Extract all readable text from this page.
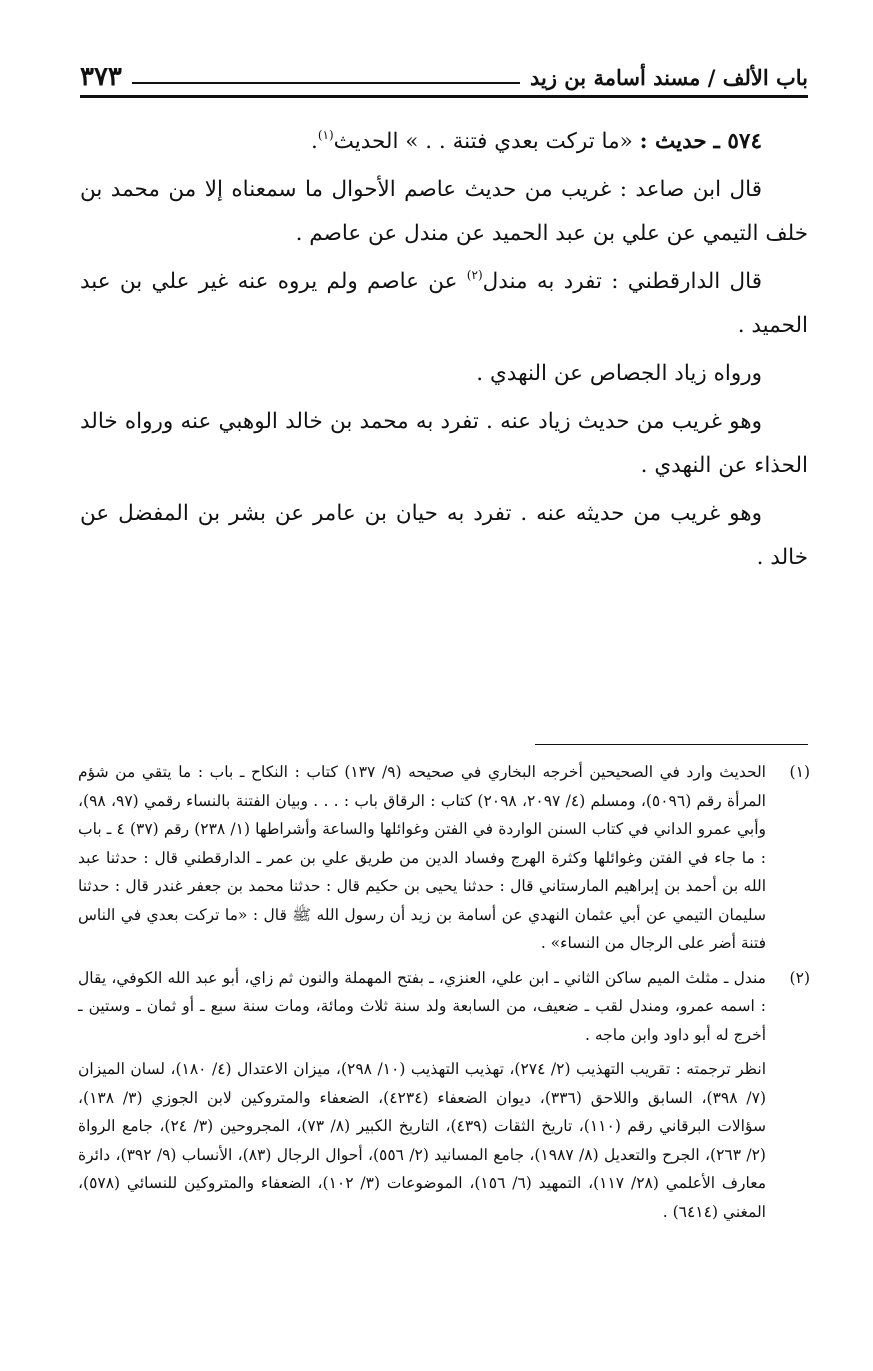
باب الألف / مسند أسامة بن زيد
٣٧٣

٥٧٤ ـ حديث : «ما تركت بعدي فتنة . . » الحديث$^{(١)}$.

قال ابن صاعد : غريب من حديث عاصم الأحوال ما سمعناه إلا من محمد بن خلف التيمي عن علي بن عبد الحميد عن مندل عن عاصم .

قال الدارقطني : تفرد به مندل$^{(٢)}$ عن عاصم ولم يروه عنه غير علي بن عبد الحميد .

ورواه زياد الجصاص عن النهدي .

وهو غريب من حديث زياد عنه . تفرد به محمد بن خالد الوهبي عنه ورواه خالد الحذاء عن النهدي .

وهو غريب من حديثه عنه . تفرد به حيان بن عامر عن بشر بن المفضل عن خالد .

(١)
الحديث وارد في الصحيحين أخرجه البخاري في صحيحه (٩/ ١٣٧) كتاب : النكاح ـ باب : ما يتقي من شؤم المرأة رقم (٥٠٩٦)، ومسلم (٤/ ٢٠٩٧، ٢٠٩٨) كتاب : الرقاق باب : . . . وبيان الفتنة بالنساء رقمي (٩٧، ٩٨)، وأبي عمرو الداني في كتاب السنن الواردة في الفتن وغوائلها والساعة وأشراطها (١/ ٢٣٨) رقم (٣٧) ٤ ـ باب : ما جاء في الفتن وغوائلها وكثرة الهرج وفساد الدين من طريق علي بن عمر ـ الدارقطني قال : حدثنا عبد الله بن أحمد بن إبراهيم المارستاني قال : حدثنا يحيى بن حكيم قال : حدثنا محمد بن جعفر غندر قال : حدثنا سليمان التيمي عن أبي عثمان النهدي عن أسامة بن زيد أن رسول الله ﷺ قال : «ما تركت بعدي في الناس فتنة أضر على الرجال من النساء» .
(٢)
مندل ـ مثلث الميم ساكن الثاني ـ ابن علي، العنزي، ـ بفتح المهملة والنون ثم زاي، أبو عبد الله الكوفي، يقال : اسمه عمرو، ومندل لقب ـ ضعيف، من السابعة ولد سنة ثلاث ومائة، ومات سنة سبع ـ أو ثمان ـ وستين ـ أخرج له أبو داود وابن ماجه .
انظر ترجمته : تقريب التهذيب (٢/ ٢٧٤)، تهذيب التهذيب (١٠/ ٢٩٨)، ميزان الاعتدال (٤/ ١٨٠)، لسان الميزان (٧/ ٣٩٨)، السابق واللاحق (٣٣٦)، ديوان الضعفاء (٤٢٣٤)، الضعفاء والمتروكين لابن الجوزي (٣/ ١٣٨)، سؤالات البرقاني رقم (١١٠)، تاريخ الثقات (٤٣٩)، التاريخ الكبير (٨/ ٧٣)، المجروحين (٣/ ٢٤)، جامع الرواة (٢/ ٢٦٣)، الجرح والتعديل (٨/ ١٩٨٧)، جامع المسانيد (٢/ ٥٥٦)، أحوال الرجال (٨٣)، الأنساب (٩/ ٣٩٢)، دائرة معارف الأعلمي (٢٨/ ١١٧)، التمهيد (٦/ ١٥٦)، الموضوعات (٣/ ١٠٢)، الضعفاء والمتروكين للنسائي (٥٧٨)، المغني (٦٤١٤) .
